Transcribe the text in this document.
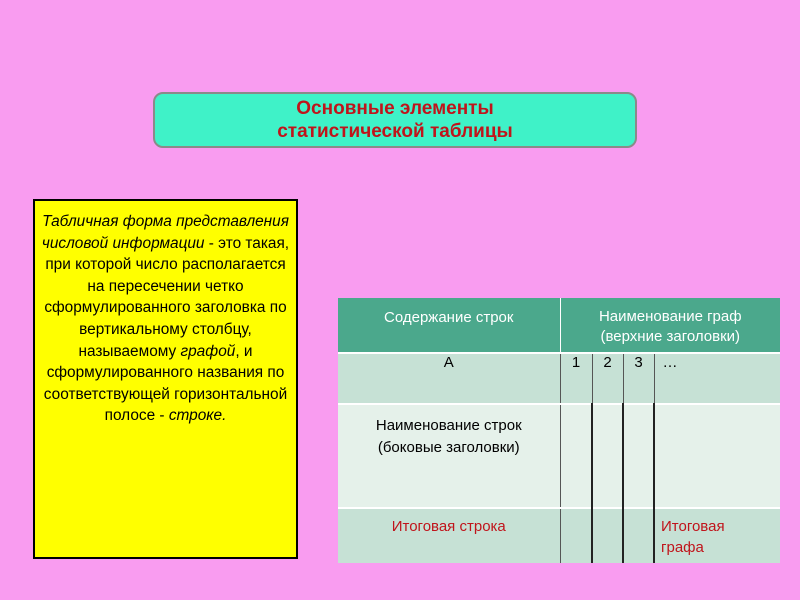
Основные элементы
статистической таблицы
Табличная форма представления числовой информации - это такая, при которой число располагается на пересечении четко сформулированного заголовка по вертикальному столбцу, называемому графой, и сформулированного названия по соответствующей горизонтальной полосе - строке.
Содержание строк	Наименование граф
(верхние заголовки)			

А	1	2	3	…

Наименование строк
(боковые заголовки)				

Итоговая строка				Итоговая
графа
